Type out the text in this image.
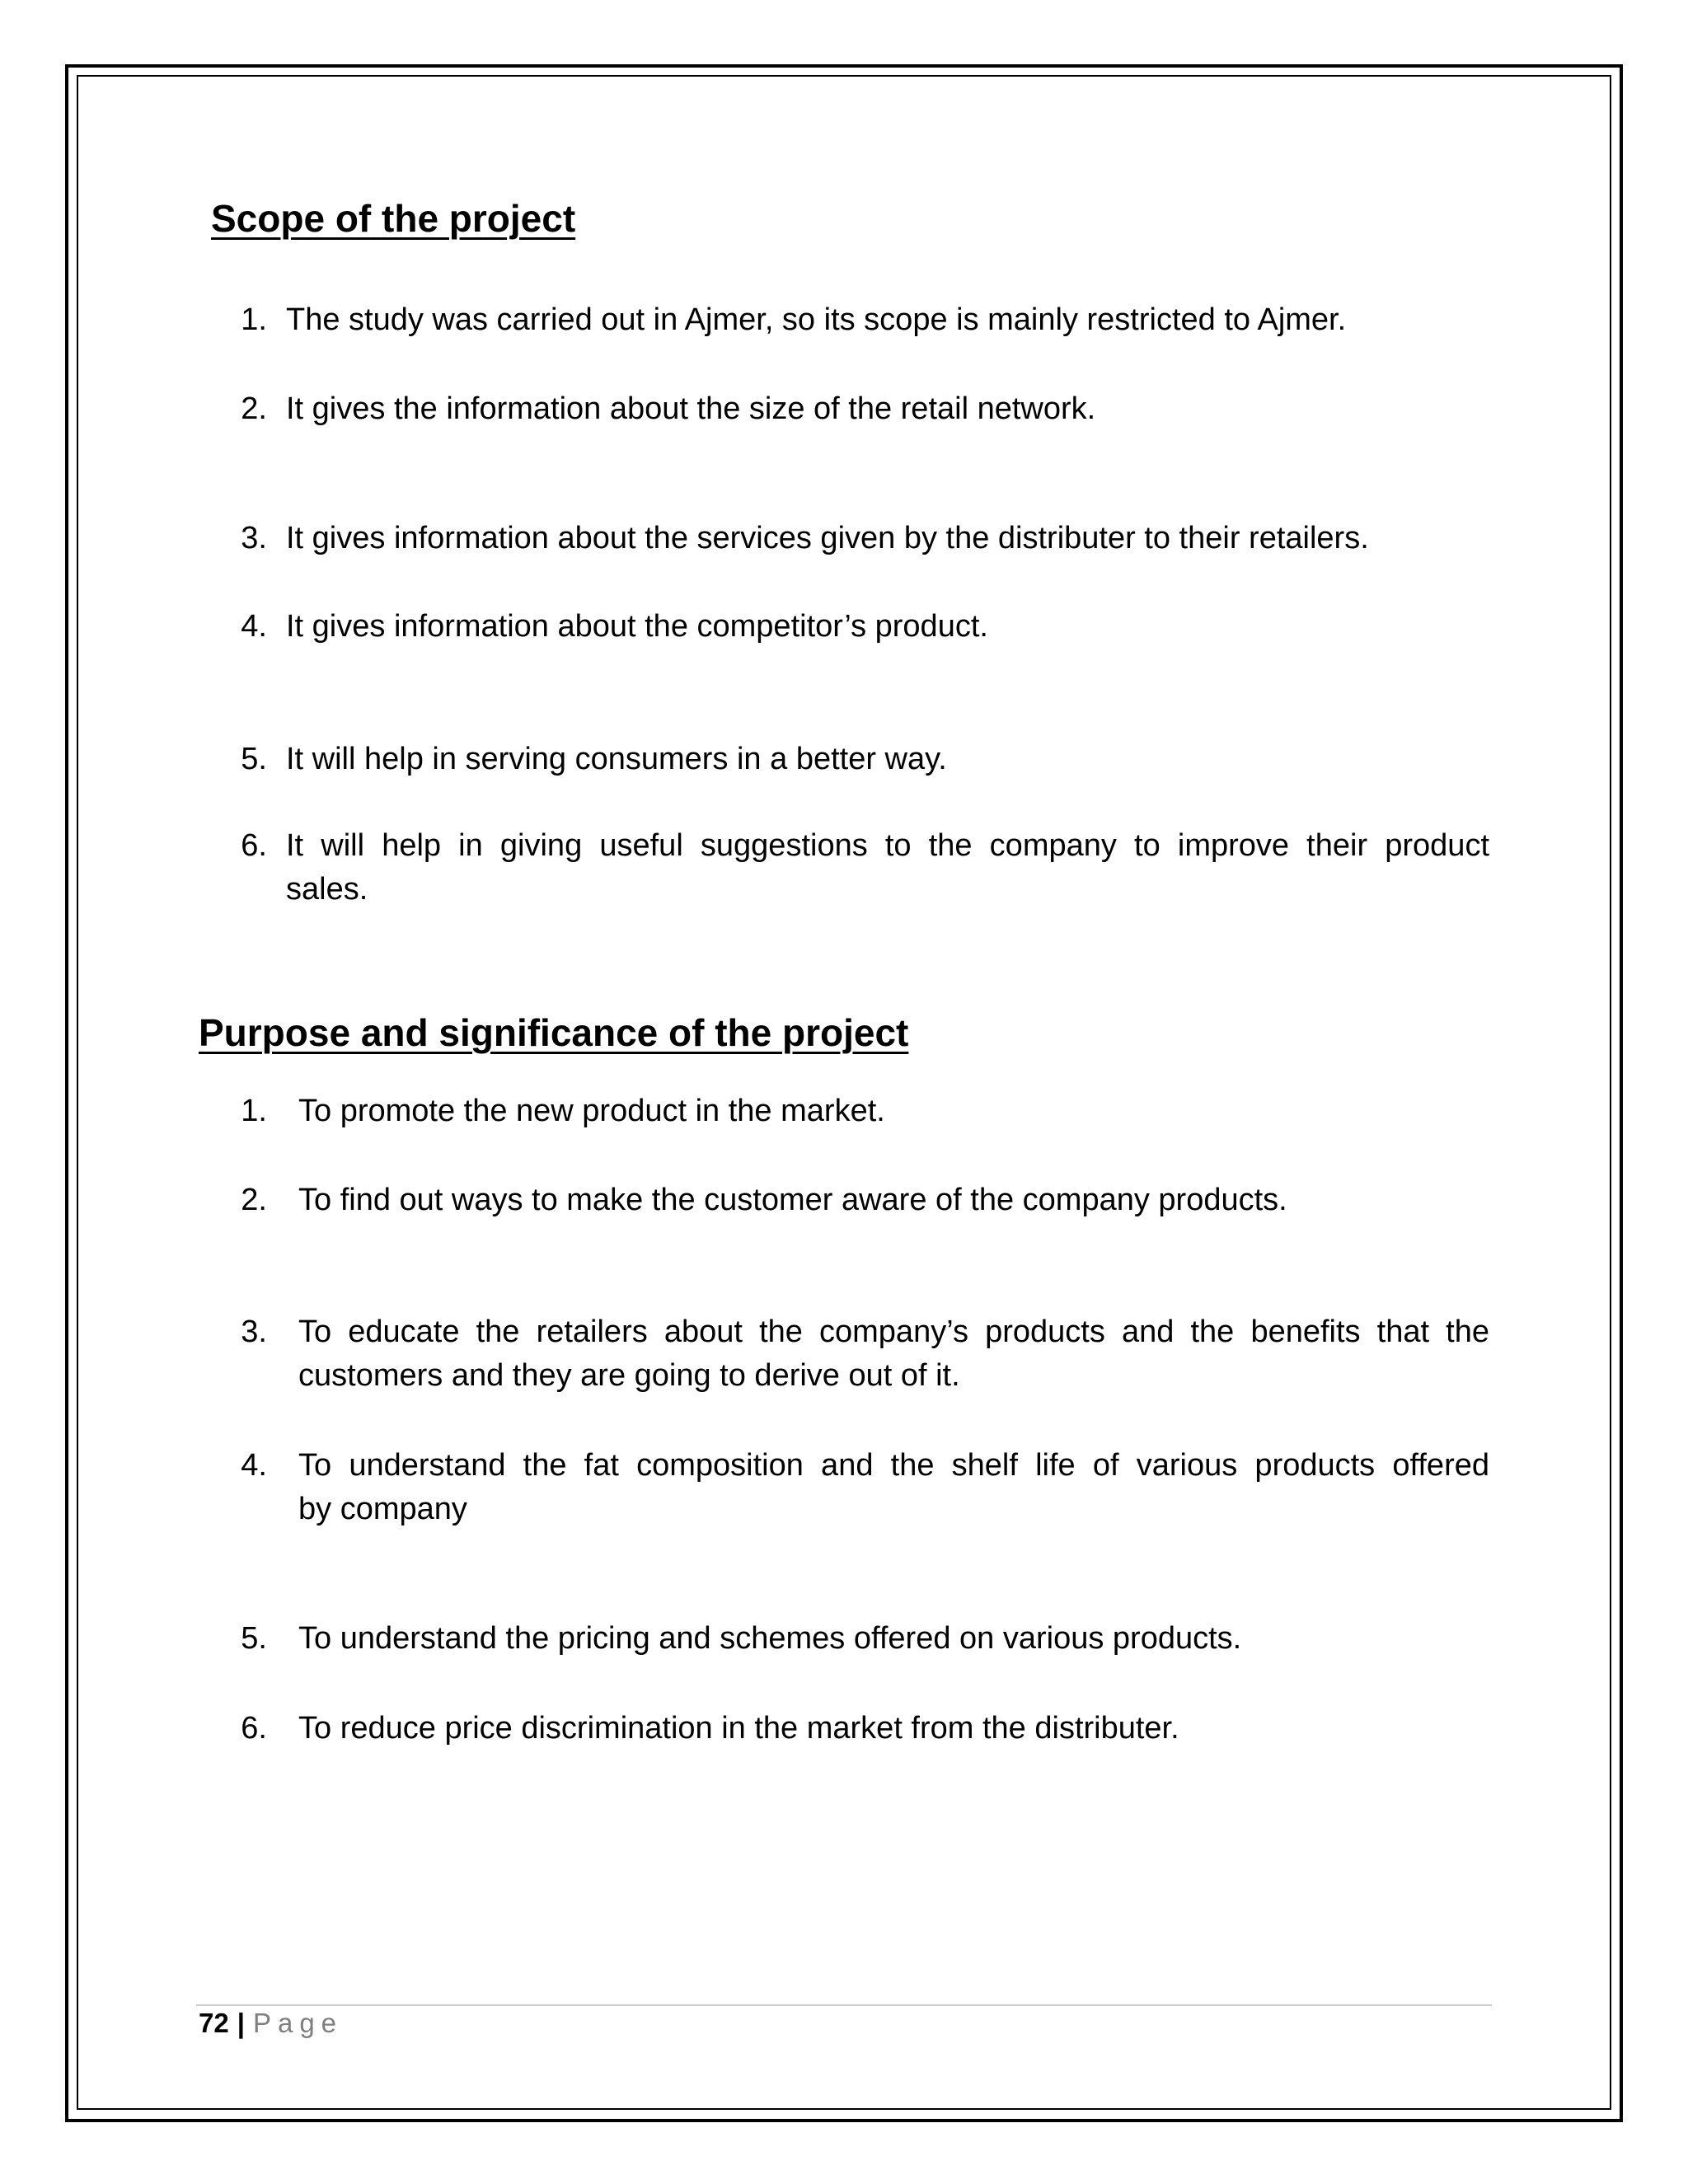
Scope of the project
1. The study was carried out in Ajmer, so its scope is mainly restricted to Ajmer.
2. It gives the information about the size of the retail network.
3. It gives information about the services given by the distributer to their retailers.
4. It gives information about the competitor’s product.
5. It will help in serving consumers in a better way.
6. It will help in giving useful suggestions to the company to improve their product
sales.
Purpose and significance of the project
1. To promote the new product in the market.
2. To find out ways to make the customer aware of the company products.
3. To educate the retailers about the company’s products and the benefits that the
customers and they are going to derive out of it.
4. To understand the fat composition and the shelf life of various products offered
by company
5. To understand the pricing and schemes offered on various products.
6. To reduce price discrimination in the market from the distributer.
72 | Page
